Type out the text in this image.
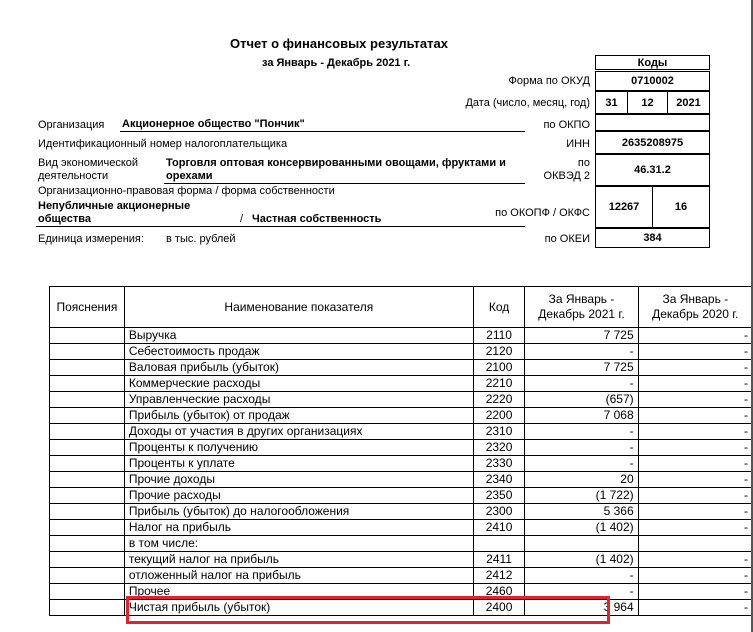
Отчет о финансовых результатах
за Январь - Декабрь 2021 г.	Коды
Форма по ОКУД	0710002
Дата (число, месяц, год) 31 12 2021
Организация Акционерное общество "Пончик"	по ОКПО
Идентификационный номер налогоплательщика	ИНН	2635208975
Вид экономической
деятельности
Торговля оптовая консервированными овощами, фруктами и
орехами
по
ОКВЭД 2	46.31.2
Организационно-правовая форма / форма собственности
Непубличные акционерные
общества	/ Частная собственность	по ОКОПФ / ОКФС 12267	16
Единица измерения: в тыс. рублей	по ОКЕИ	384
Пояснения	Наименование показателя	Код	За Январь - Декабрь 2021 г.	За Январь - Декабрь 2020 г.
	Выручка	2110	7 725	-
	Себестоимость продаж	2120	-	-
	Валовая прибыль (убыток)	2100	7 725	-
	Коммерческие расходы	2210	-	-
	Управленческие расходы	2220	(657)	-
	Прибыль (убыток) от продаж	2200	7 068	-
	Доходы от участия в других организациях	2310	-	-
	Проценты к получению	2320	-	-
	Проценты к уплате	2330	-	-
	Прочие доходы	2340	20	-
	Прочие расходы	2350	(1 722)	-
	Прибыль (убыток) до налогообложения	2300	5 366	-
	Налог на прибыль	2410	(1 402)	-
	в том числе:			
	текущий налог на прибыль	2411	(1 402)	-
	отложенный налог на прибыль	2412	-	-
	Прочее	2460	-	-
	Чистая прибыль (убыток)	2400	3 964	-
